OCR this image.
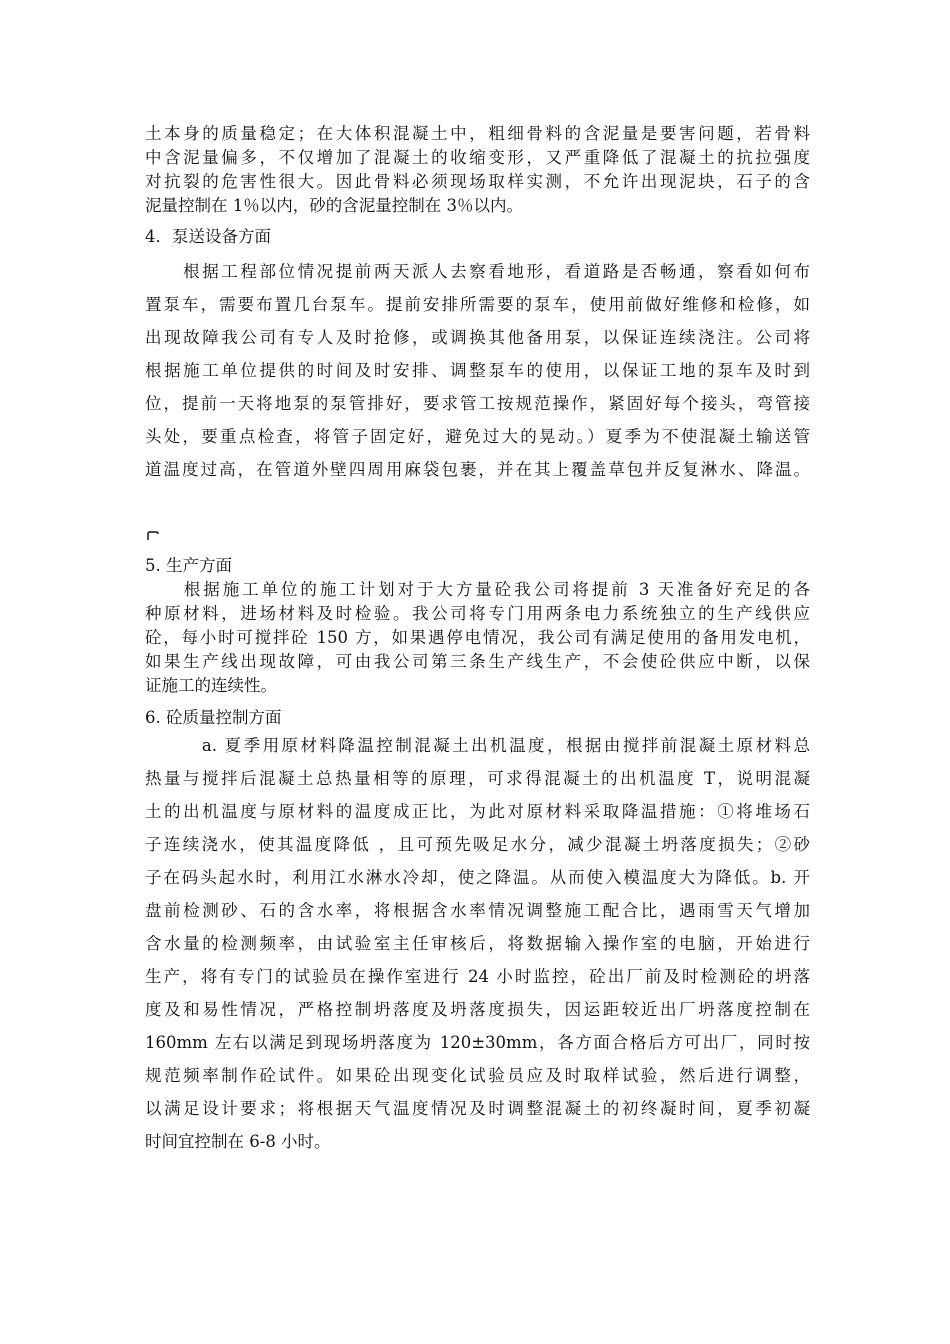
土本身的质量稳定；在大体积混凝土中，粗细骨料的含泥量是要害问题，若骨料
中含泥量偏多，不仅增加了混凝土的收缩变形，又严重降低了混凝土的抗拉强度
对抗裂的危害性很大。因此骨料必须现场取样实测，不允许出现泥块，石子的含
泥量控制在 1％以内，砂的含泥量控制在 3％以内。
4．泵送设备方面
　　根据工程部位情况提前两天派人去察看地形，看道路是否畅通，察看如何布
置泵车，需要布置几台泵车。提前安排所需要的泵车，使用前做好维修和检修，如
出现故障我公司有专人及时抢修，或调换其他备用泵，以保证连续浇注。公司将
根据施工单位提供的时间及时安排、调整泵车的使用，以保证工地的泵车及时到
位，提前一天将地泵的泵管排好，要求管工按规范操作，紧固好每个接头，弯管接
头处，要重点检查，将管子固定好，避免过大的晃动。）夏季为不使混凝土输送管
道温度过高，在管道外壁四周用麻袋包裹，并在其上覆盖草包并反复淋水、降温。
5. 生产方面
　　根据施工单位的施工计划对于大方量砼我公司将提前 3 天准备好充足的各
种原材料，进场材料及时检验。我公司将专门用两条电力系统独立的生产线供应
砼，每小时可搅拌砼 150 方，如果遇停电情况，我公司有满足使用的备用发电机，
如果生产线出现故障，可由我公司第三条生产线生产，不会使砼供应中断，以保
证施工的连续性。
6. 砼质量控制方面
　　　a. 夏季用原材料降温控制混凝土出机温度，根据由搅拌前混凝土原材料总
热量与搅拌后混凝土总热量相等的原理，可求得混凝土的出机温度 T，说明混凝
土的出机温度与原材料的温度成正比，为此对原材料采取降温措施：①将堆场石
子连续浇水，使其温度降低 ，且可预先吸足水分，减少混凝土坍落度损失；②砂
子在码头起水时，利用江水淋水冷却，使之降温。从而使入模温度大为降低。b. 开
盘前检测砂、石的含水率，将根据含水率情况调整施工配合比，遇雨雪天气增加
含水量的检测频率，由试验室主任审核后，将数据输入操作室的电脑，开始进行
生产，将有专门的试验员在操作室进行 24 小时监控，砼出厂前及时检测砼的坍落
度及和易性情况，严格控制坍落度及坍落度损失，因运距较近出厂坍落度控制在
160mm 左右以满足到现场坍落度为 120±30mm，各方面合格后方可出厂，同时按
规范频率制作砼试件。如果砼出现变化试验员应及时取样试验，然后进行调整，
以满足设计要求；将根据天气温度情况及时调整混凝土的初终凝时间，夏季初凝
时间宜控制在 6-8 小时。
